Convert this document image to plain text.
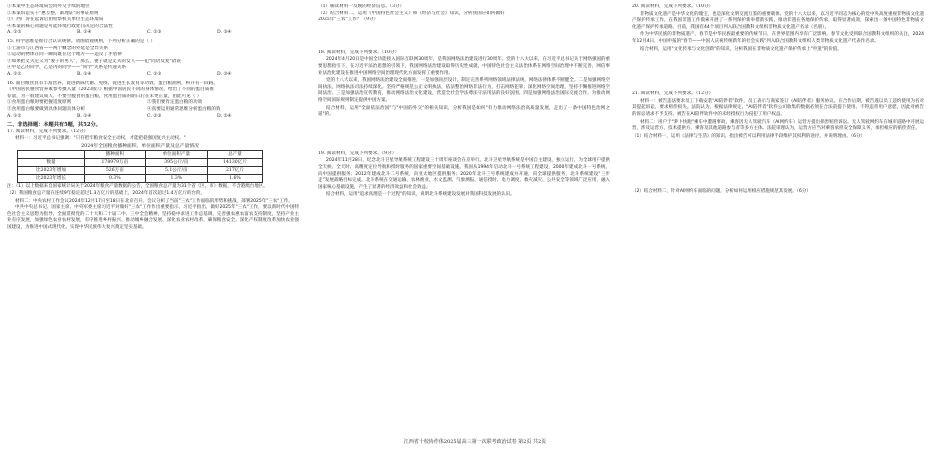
①本案中生态环境局会同外交手续的地位
②本案诉讼实干"惠互整，渐理证"的事证原则
③广西广涛在起诉后由检察机关单位生态环境局
④本案的核心问题是可能环境行政处罚决定的合法性
A. ①②	B. ①④	C. ②③	D. ③④
15. 科学思维是推行合认识规律。请图错观规则，下列分析正确的是（ ）
①上游市与江西省——两个概念的外延是全异关系
②运动的物体在同一瞬间既在这个地方——违反了矛盾律
③如果把丈夫定义为"妻子的男人"，那么，妻子就是丈夫的女人——犯"同语反复"错误
④甲是乙的同学，乙是丙的同学——"同学"关系是传递关系
A. ①②	B. ①④	C. ②③	D. ③④
16. 面白粮食具有丰富营养，促进新陈代谢、免疫、促进生长发育等功效。蛋白粮油利，积开有一段路。
《中国居民膳食营养素参考摄入量（2023版）》根据中国居民不同的身体情况，给出了不同的蛋白质推
荐量，为一般建议成人，不要空腹食用蛋白粮，食用蛋白质的期日后在未更正量，由此可见（ ）
①食用蛋白粮时要把握适度原则	②我们要肯定蛋白粮的功效
③食用蛋白粮要做到具体问题具体分析	④真要运用通常思维分析蛋白粮的效
A. ①②	B. ①④	C. ②③	D. ②④
二、非选择题：本题共有5题，共52分。
17. 阅读材料，完成下列要求。（12分）
材料一：习近平总书记强调："只有把牢粮食安全主动权，才能把稳强国复兴主动权。"
2024年全国粮食播种面积、单位面积产量及总产量情况
	播种面积	单位面积产量	总产量
数量	178979万亩	395公斤/亩	14130亿斤
比2023年增加	526万亩	5.1公斤/亩	217亿斤
比2023年增长	0.3%	1.3%	1.6%
注：（1）以上数据来自国家统计局关于2024年粮食产量数据的公告，全国粮食总产量为31个省（区、市）数据，不含港澳台地区。
（2）我国粮食总产量在连续9年稳定超过1.3万亿斤的基础上，2024年首次超过1.4万亿斤的台阶。
材料二：中央农村工作会议2024年12月17日至18日在北京召开。会议分析了当前"三农"工作面临的形势和挑战，部署2025年"三农"工作。
中共中央总书记、国家主席、中央军委主席习近平对做好"三农"工作作出重要指示。习近平指出，做好2025年"三农"工作，要以新时代中国特色社会主义思想为指导，全面贯彻党的二十大和二十届二中、三中全会精神，坚持稳中求进工作总基调，完善强农惠农富农支持制度，坚持产业主业有序发展，加强绿色农业农村发展，有序推进乡村振兴、推动城乡融合发展、深化农业农村改革，确保粮食安全。深化产权制度改革加快农业强国建设，为推进中国式现代化、实现中华民族伟大复兴奠定坚实基础。
（1）解读材料一反映的经济信息。（3分）
（2）结合材料二，运用《中国特色社会主义》和《经济与社会》知识，分析我国应如何做好
2025年"三农"工作？（9分）
18. 阅读材料，完成下列要求。（10分）
2024年4月20日是中国全功能接入国际互联网30周年，是我国网络法治建设进行30周年。党的十八大以来，在习近平总书记关于网络强国的重要思想指引下，在习近平法治思想的引领下，我国网络法治建设取得历史性成就，中国特色社会主义法治体系在网络空间治理中不断完善，网信事业法治化建设在推进中国网络空间治理现代化方面发挥了重要作用。
党的十八大以来，我国网络法治建设全面推进，一是加强顶层设计，制定完善系列网络领域法律法规，网络法律体系不断健全。二是加强网络空间执法，网络执法司法持续深化。坚持严格规范公正文明执法，依法整治网络非法行为，打击网络犯罪；深化网络空间治理，坚持不懈推进网络空间法治。三是加强法治宣传教育，推动网络法治文化建设，营造全社会学法尊法守法用法的良好氛围。四是加强网络法治国际交流合作，为推动网络空间国际规则制定提供中国方案。
结合材料，运用"全面依法治国"与"中国的外交"的相关知识，分析我国是如何"有力推动网络法治高质量发展，走出了一条中国特色治网之道"的。
19. 阅读材料，完成下列要求。（9分）
2024年11月28日，纪念北斗卫星导航系统工程建设三十周年座谈会在京举行。北斗卫星导航系统是中国自主建设、独立运行，为全球用户提供全天候、全天时、高精度定位导航和授时服务的国家重要空间基础设施。我国从1994年启动北斗一号系统工程建设，2000年建成北斗一号系统，向中国提供服务；2012年建成北斗二号系统，向亚太地区提供服务；2020年北斗三号系统建成并开通，向全球提供服务，北斗系统建设“三步走”发展战略目标完成。北斗系统在交通运输、农林渔业、水文监测、气象测报、通信授时、电力调度、救灾减灾、公共安全等领域广泛应用，融入国家核心基础设施，产生了显著的经济效益和社会效益。
结合材料，运用"追求真理是一个过程"的知识，说明北斗系统建设发展对我国科技发展的认识。
20. 阅读材料，完成下列要求。（10分）
非物质文化遗产是中华文化的瑰宝，也是深化文明交流互鉴的重要载体。党的十八大以来，以习近平同志为核心的党中央高度重视非物质文化遗产保护传承工作，在我国非遗工作摸索开展了一系列保护新举措新实践，推动非遗在各地保护传承，取得显著成效，探索出一条中国特色非物质文化遗产保护传承道路。目前，我国有44个项目列入联合国教科文组织非物质文化遗产名录（名册）。
作为中华民族的非物质遗产，春节是中华民族最重要的传统节日，在世界范围内享有广泛影响。春节文化受到联合国教科文组织的关注，2024年12月4日，中国申报的"春节——中国人庆祝传统新年的社会实践"列入联合国教科文组织人类非物质文化遗产代表作名录。
结合材料，运用"文化传承与文化创新"的知识，分析我国在非物质文化遗产保护传承上"申遗"的价值。
21. 阅读材料，完成下列要求。（12分）
材料一：被告违法要求员工下载安装"AI陪伴者"软件，员工表示与商家签订《AI陪伴者》服务协议。在合作后期，被告遂以员工违约使用为名对其提起诉讼，要求赔偿损失。法院认为，根据法律规定，"AI陪伴者"软件公司收集的数据必须在合法前提下使用，不得违背用户意愿，因此对被告的诉讼请求不予支持。被告在AI陪伴软件中的未经授权行为侵犯了用户权益。
材料二：用户于"萝卜快跑"乘车中遭遇事故，乘客因无人驾驶汽车（AI网约车）运营方提出损害赔偿诉讼。无人驾驶网约车在城市道路中开展运营，涉及运营方、技术提供方、乘客及其他道路参与者等多方主体。法院审理认为，运营方应当对乘客承担安全保障义务，承担相应的赔偿责任。
（1）结合材料一，运用《法律与生活》的知识，指出被告可以利用法律手段维护其权利的途径，并说明理由。（6分）
（2）结合材料二，针对AI网约车面临的问题，分析如何运用相应措施规范其发展。（6分）
江西省十校协作体2025届高三第一次联考政治试卷 第2页 共2页
